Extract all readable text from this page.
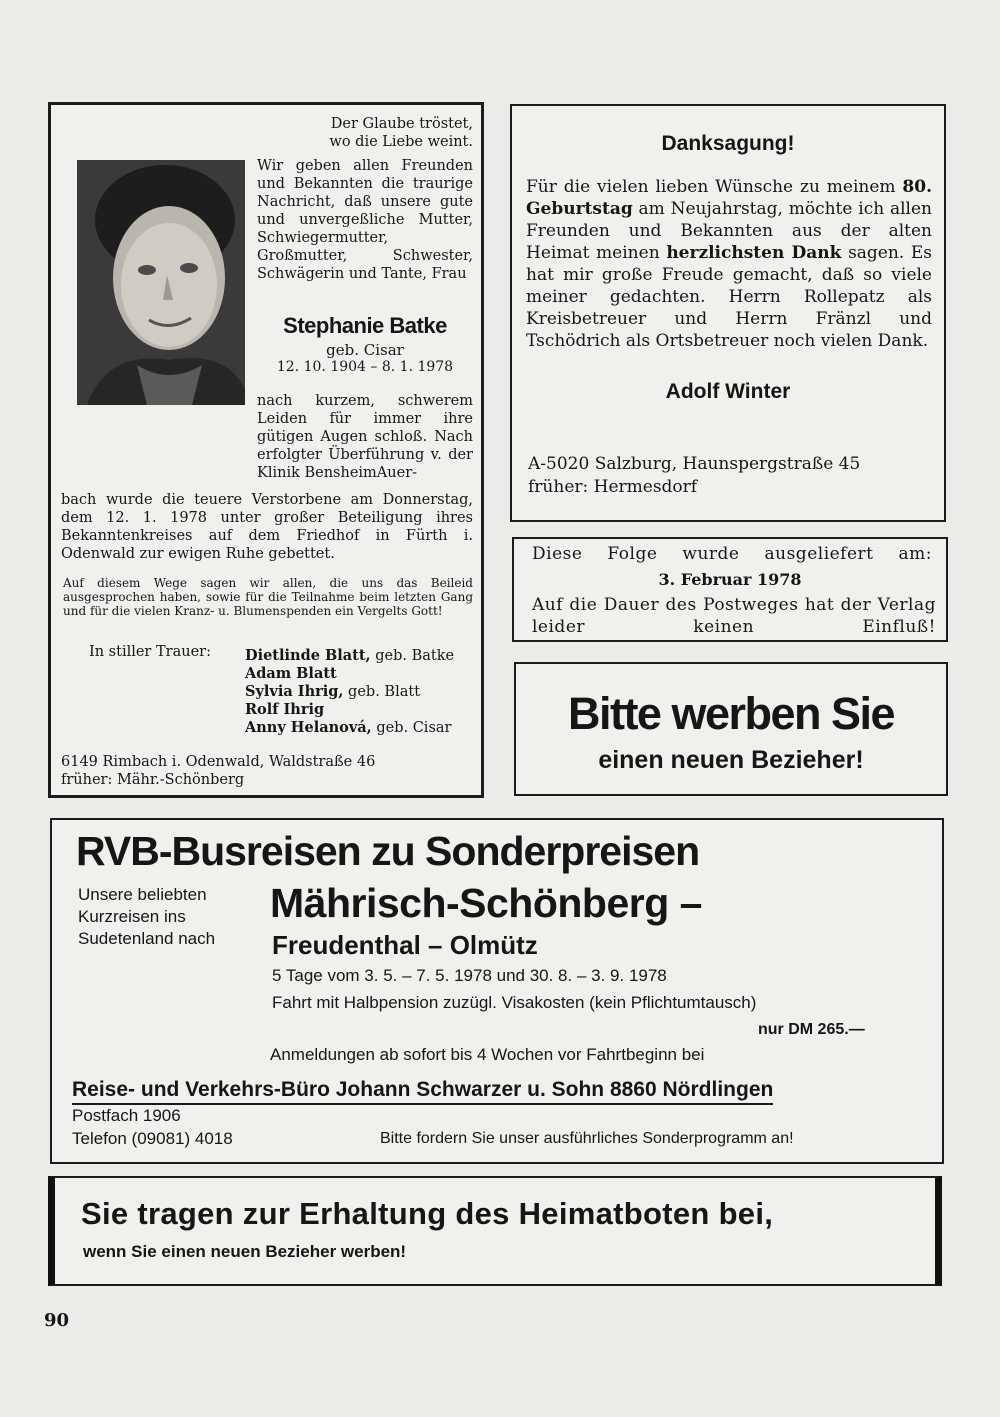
Der Glaube tröstet,
wo die Liebe weint.
Wir geben allen Freunden und Bekannten die traurige Nachricht, daß unsere gute und unvergeßliche Mutter, Schwiegermutter, Großmutter, Schwester, Schwägerin und Tante, Frau
Stephanie Batke
geb. Cisar
12. 10. 1904 – 8. 1. 1978
nach kurzem, schwerem Leiden für immer ihre gütigen Augen schloß. Nach erfolgter Überführung v. der Klinik BensheimAuer-
bach wurde die teuere Verstorbene am Donnerstag, dem 12. 1. 1978 unter großer Beteiligung ihres Bekanntenkreises auf dem Friedhof in Fürth i. Odenwald zur ewigen Ruhe gebettet.
Auf diesem Wege sagen wir allen, die uns das Beileid ausgesprochen haben, sowie für die Teilnahme beim letzten Gang und für die vielen Kranz- u. Blumenspenden ein Vergelts Gott!
In stiller Trauer: Dietlinde Blatt, geb. Batke
Adam Blatt
Sylvia Ihrig, geb. Blatt
Rolf Ihrig
Anny Helanová, geb. Cisar
6149 Rimbach i. Odenwald, Waldstraße 46
früher: Mähr.-Schönberg
Danksagung!
Für die vielen lieben Wünsche zu meinem 80. Geburtstag am Neujahrstag, möchte ich allen Freunden und Bekannten aus der alten Heimat meinen herzlichsten Dank sagen. Es hat mir große Freude gemacht, daß so viele meiner gedachten. Herrn Rollepatz als Kreisbetreuer und Herrn Fränzl und Tschödrich als Ortsbetreuer noch vielen Dank.
Adolf Winter
A-5020 Salzburg, Haunspergstraße 45
früher: Hermesdorf
Diese Folge wurde ausgeliefert am:
3. Februar 1978
Auf die Dauer des Postweges hat der Verlag leider keinen Einfluß!
Bitte werben Sie
einen neuen Bezieher!
RVB-Busreisen zu Sonderpreisen
Unsere beliebten
Kurzreisen ins
Sudetenland nach
Mährisch-Schönberg –
Freudenthal – Olmütz
5 Tage vom 3. 5. – 7. 5. 1978 und 30. 8. – 3. 9. 1978
Fahrt mit Halbpension zuzügl. Visakosten (kein Pflichtumtausch)
nur DM 265.—
Anmeldungen ab sofort bis 4 Wochen vor Fahrtbeginn bei
Reise- und Verkehrs-Büro Johann Schwarzer u. Sohn 8860 Nördlingen
Postfach 1906
Telefon (09081) 4018	Bitte fordern Sie unser ausführliches Sonderprogramm an!
Sie tragen zur Erhaltung des Heimatboten bei,
wenn Sie einen neuen Bezieher werben!
90
